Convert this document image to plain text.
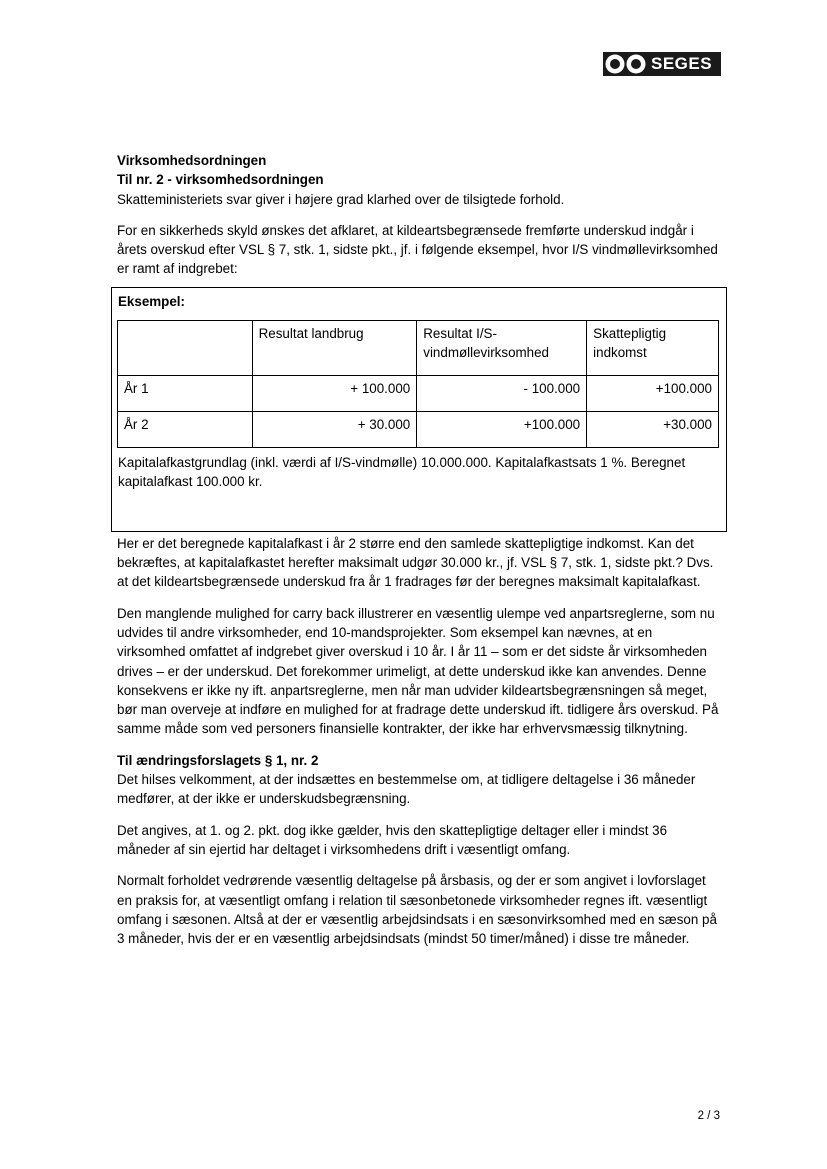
SEGES

Virksomhedsordningen

Til nr. 2 - virksomhedsordningen

Skatteministeriets svar giver i højere grad klarhed over de tilsigtede forhold.

For en sikkerheds skyld ønskes det afklaret, at kildeartsbegrænsede fremførte underskud indgår i årets overskud efter VSL § 7, stk. 1, sidste pkt., jf. i følgende eksempel, hvor I/S vindmøllevirksomhed er ramt af indgrebet:

Eksempel:

	Resultat landbrug	Resultat I/S-vindmøllevirksomhed	Skattepligtig indkomst
År 1	+ 100.000	- 100.000	+100.000
År 2	+ 30.000	+100.000	+30.000

Kapitalafkastgrundlag (inkl. værdi af I/S-vindmølle) 10.000.000. Kapitalafkastsats 1 %. Beregnet kapitalafkast 100.000 kr.

Her er det beregnede kapitalafkast i år 2 større end den samlede skattepligtige indkomst. Kan det bekræftes, at kapitalafkastet herefter maksimalt udgør 30.000 kr., jf. VSL § 7, stk. 1, sidste pkt.? Dvs. at det kildeartsbegrænsede underskud fra år 1 fradrages før der beregnes maksimalt kapitalafkast.

Den manglende mulighed for carry back illustrerer en væsentlig ulempe ved anpartsreglerne, som nu udvides til andre virksomheder, end 10-mandsprojekter. Som eksempel kan nævnes, at en virksomhed omfattet af indgrebet giver overskud i 10 år. I år 11 – som er det sidste år virksomheden drives – er der underskud. Det forekommer urimeligt, at dette underskud ikke kan anvendes. Denne konsekvens er ikke ny ift. anpartsreglerne, men når man udvider kildeartsbegrænsningen så meget, bør man overveje at indføre en mulighed for at fradrage dette underskud ift. tidligere års overskud. På samme måde som ved personers finansielle kontrakter, der ikke har erhvervsmæssig tilknytning.

Til ændringsforslagets § 1, nr. 2

Det hilses velkomment, at der indsættes en bestemmelse om, at tidligere deltagelse i 36 måneder medfører, at der ikke er underskudsbegrænsning.

Det angives, at 1. og 2. pkt. dog ikke gælder, hvis den skattepligtige deltager eller i mindst 36 måneder af sin ejertid har deltaget i virksomhedens drift i væsentligt omfang.

Normalt forholdet vedrørende væsentlig deltagelse på årsbasis, og der er som angivet i lovforslaget en praksis for, at væsentligt omfang i relation til sæsonbetonede virksomheder regnes ift. væsentligt omfang i sæsonen. Altså at der er væsentlig arbejdsindsats i en sæsonvirksomhed med en sæson på 3 måneder, hvis der er en væsentlig arbejdsindsats (mindst 50 timer/måned) i disse tre måneder.

2 / 3
